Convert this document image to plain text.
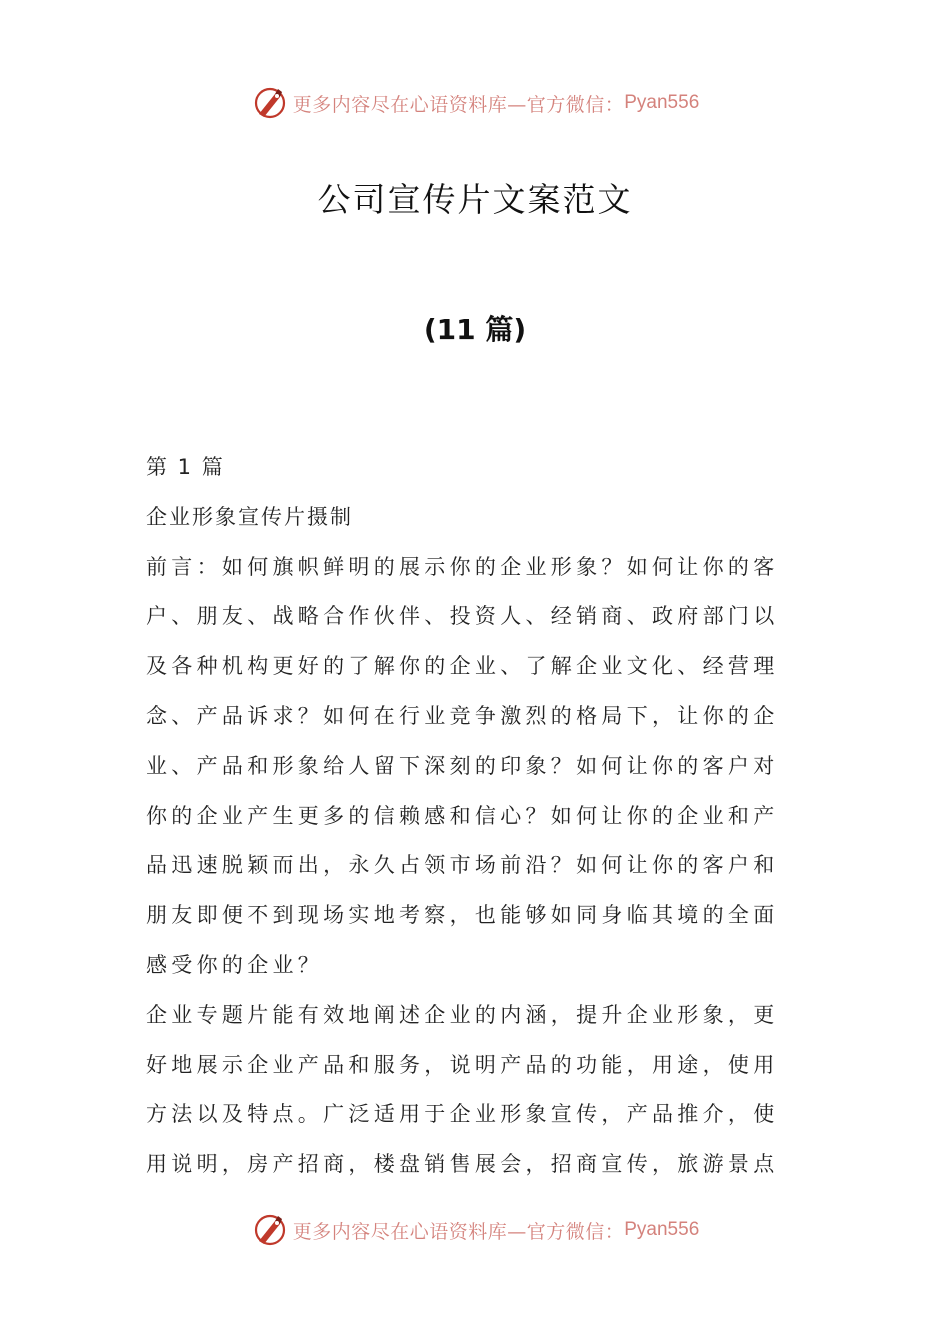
更多内容尽在心语资料库—官方微信： Pyan556
公司宣传片文案范文
(11 篇)
第 1 篇
企业形象宣传片摄制
前言：如何旗帜鲜明的展示你的企业形象？如何让你的客
户、朋友、战略合作伙伴、投资人、经销商、政府部门以
及各种机构更好的了解你的企业、了解企业文化、经营理
念、产品诉求？如何在行业竞争激烈的格局下，让你的企
业、产品和形象给人留下深刻的印象？如何让你的客户对
你的企业产生更多的信赖感和信心？如何让你的企业和产
品迅速脱颖而出，永久占领市场前沿？如何让你的客户和
朋友即便不到现场实地考察，也能够如同身临其境的全面
感受你的企业？
企业专题片能有效地阐述企业的内涵，提升企业形象，更
好地展示企业产品和服务，说明产品的功能，用途，使用
方法以及特点。广泛适用于企业形象宣传，产品推介，使
用说明，房产招商，楼盘销售展会，招商宣传，旅游景点
更多内容尽在心语资料库—官方微信： Pyan556
